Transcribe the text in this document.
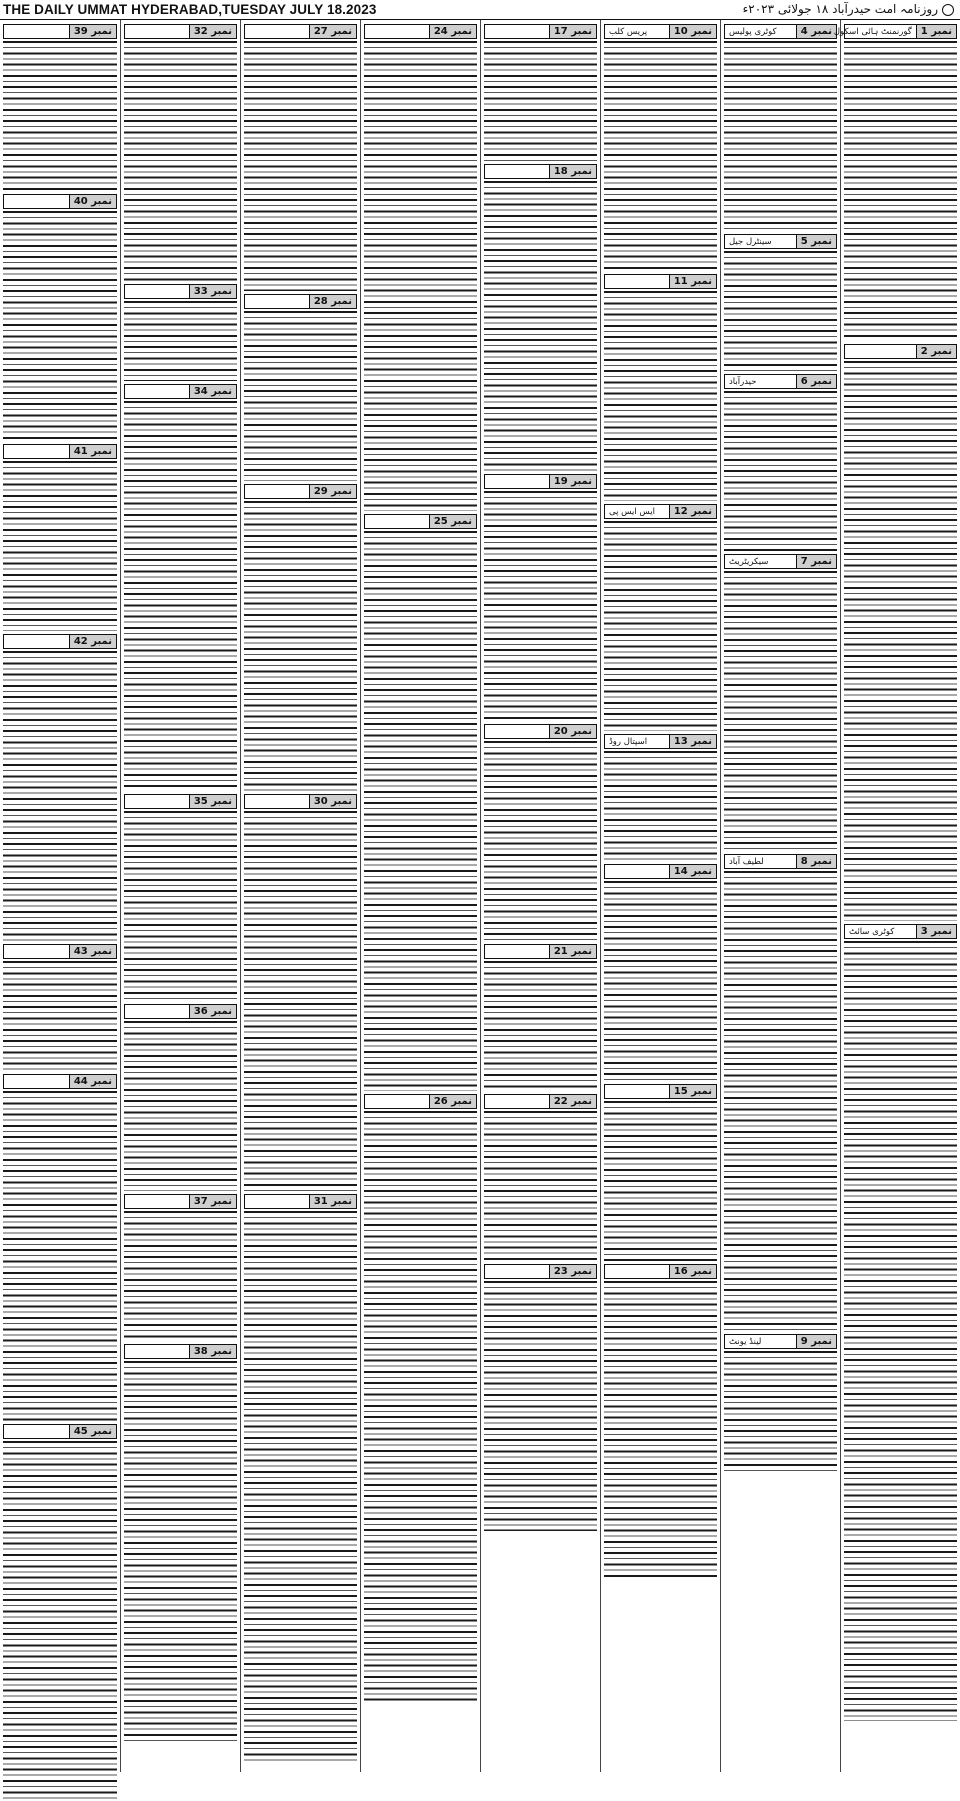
THE DAILY UMMAT HYDERABAD,TUESDAY JULY 18.2023	روزنامہ امت حیدرآباد ۱۸ جولائی ۲۰۲۳ء
نمبر 1
گورنمنٹ ہائی اسکول
نمبر 2
نمبر 3
کوٹری سائٹ
نمبر 4
کوٹری پولیس
نمبر 5
سینٹرل جیل
نمبر 6
حیدرآباد
نمبر 7
سیکریٹریٹ
نمبر 8
لطیف آباد
نمبر 9
لینڈ یونٹ
نمبر 10
پریس کلب
نمبر 11
نمبر 12
ایس ایس پی
نمبر 13
اسپتال روڈ
نمبر 14
نمبر 15
نمبر 16
نمبر 17
نمبر 18
نمبر 19
نمبر 20
نمبر 21
نمبر 22
نمبر 23
نمبر 24
نمبر 25
نمبر 26
نمبر 27
نمبر 28
نمبر 29
نمبر 30
نمبر 31
نمبر 32
نمبر 33
نمبر 34
نمبر 35
نمبر 36
نمبر 37
نمبر 38
نمبر 39
نمبر 40
نمبر 41
نمبر 42
نمبر 43
نمبر 44
نمبر 45
